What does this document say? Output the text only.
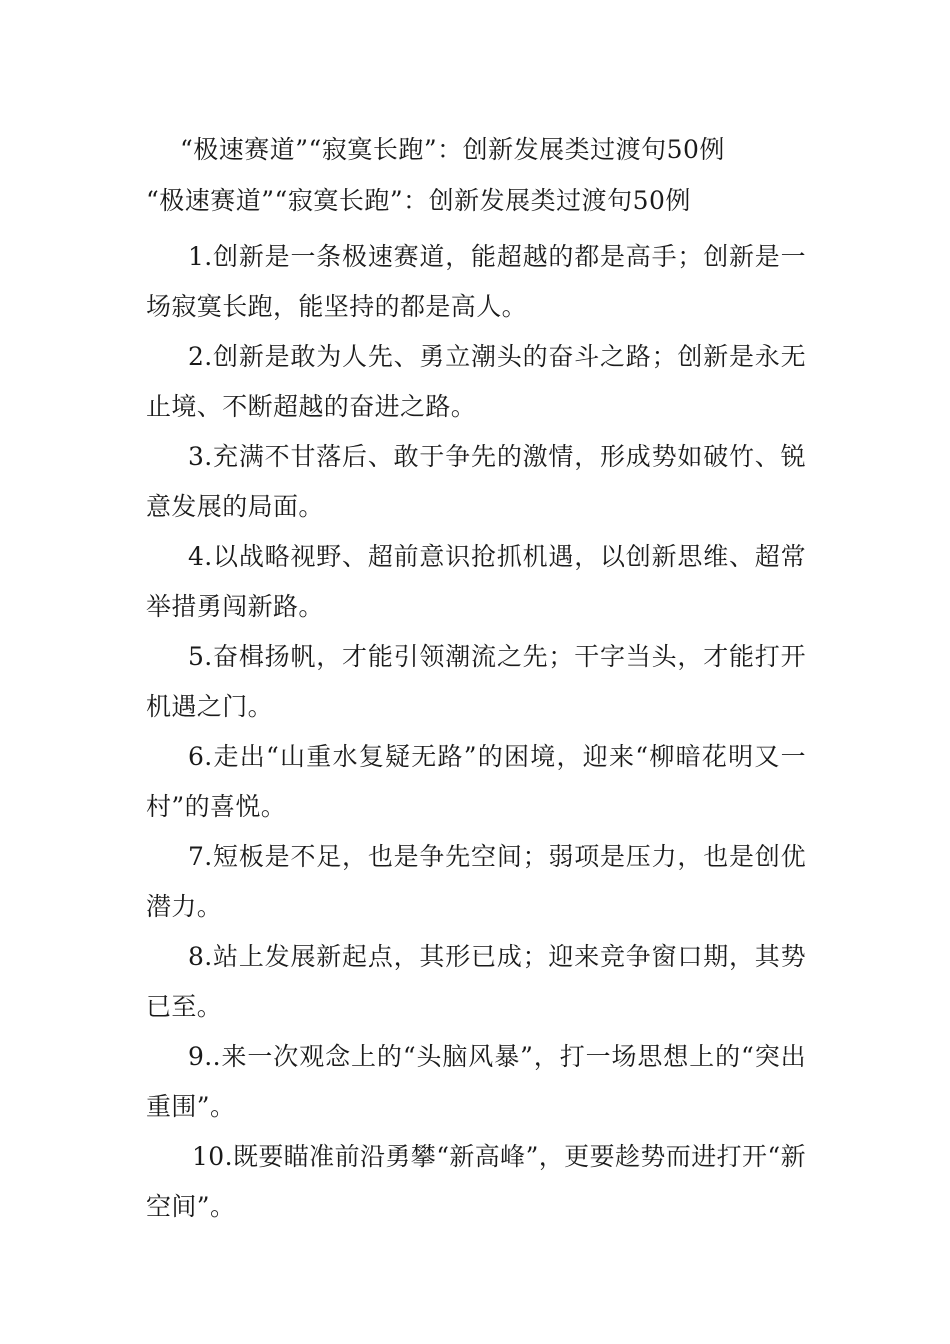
“极速赛道”“寂寞长跑”：创新发展类过渡句50例
“极速赛道”“寂寞长跑”：创新发展类过渡句50例

1.创新是一条极速赛道，能超越的都是高手；创新是一场寂寞长跑，能坚持的都是高人。

2.创新是敢为人先、勇立潮头的奋斗之路；创新是永无止境、不断超越的奋进之路。

3.充满不甘落后、敢于争先的激情，形成势如破竹、锐意发展的局面。

4.以战略视野、超前意识抢抓机遇，以创新思维、超常举措勇闯新路。

5.奋楫扬帆，才能引领潮流之先；干字当头，才能打开机遇之门。

6.走出“山重水复疑无路”的困境，迎来“柳暗花明又一村”的喜悦。

7.短板是不足，也是争先空间；弱项是压力，也是创优潜力。

8.站上发展新起点，其形已成；迎来竞争窗口期，其势已至。

9..来一次观念上的“头脑风暴”，打一场思想上的“突出重围”。

10.既要瞄准前沿勇攀“新高峰”，更要趁势而进打开“新空间”。
